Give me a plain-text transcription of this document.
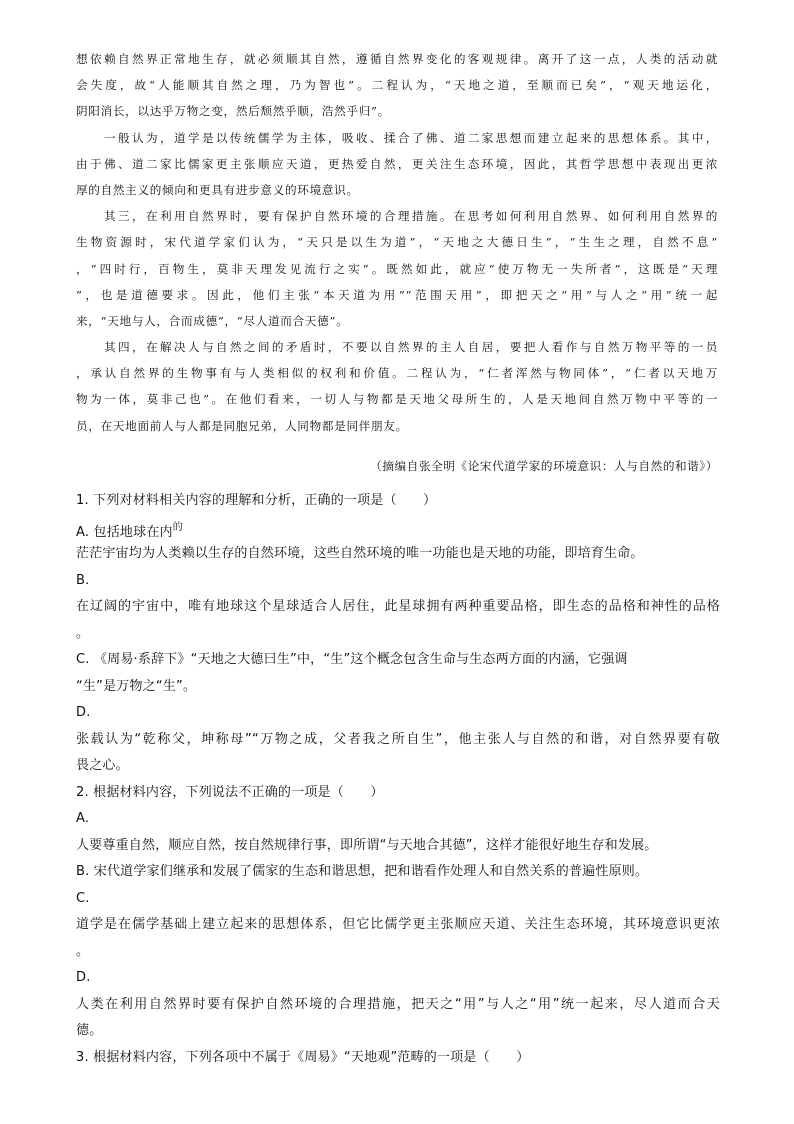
想依赖自然界正常地生存，就必须顺其自然，遵循自然界变化的客观规律。离开了这一点，人类的活动就
会失度，故“人能顺其自然之理，乃为智也”。二程认为，“天地之道，至顺而已矣”，“观天地运化，
阴阳消长，以达乎万物之变，然后颓然乎顺，浩然乎归”。
　　一般认为，道学是以传统儒学为主体，吸收、揉合了佛、道二家思想而建立起来的思想体系。其中，
由于佛、道二家比儒家更主张顺应天道，更热爱自然，更关注生态环境，因此，其哲学思想中表现出更浓
厚的自然主义的倾向和更具有进步意义的环境意识。
　　其三，在利用自然界时，要有保护自然环境的合理措施。在思考如何利用自然界、如何利用自然界的
生物资源时，宋代道学家们认为，“天只是以生为道”，“天地之大德日生”，“生生之理，自然不息”
，“四时行，百物生，莫非天理发见流行之实”。既然如此，就应“使万物无一失所者”，这既是“天理
”，也是道德要求。因此，他们主张“本天道为用”“范围天用”，即把天之“用”与人之“用”统一起
来，“天地与人，合而成德”，“尽人道而合天德”。
　　其四，在解决人与自然之间的矛盾时，不要以自然界的主人自居，要把人看作与自然万物平等的一员
，承认自然界的生物事有与人类相似的权利和价值。二程认为，“仁者浑然与物同体”，“仁者以天地万
物为一体，莫非己也”。在他们看来，一切人与物都是天地父母所生的，人是天地间自然万物中平等的一
员，在天地面前人与人都是同胞兄弟，人同物都是同伴朋友。
（摘编自张全明《论宋代道学家的环境意识：人与自然的和谐》）
1. 下列对材料相关内容的理解和分析，正确的一项是（　　）
A. 包括地球在内$^的$
茫茫宇宙均为人类赖以生存的自然环境，这些自然环境的唯一功能也是天地的功能，即培育生命。
B.
在辽阔的宇宙中，唯有地球这个星球适合人居住，此星球拥有两种重要品格，即生态的品格和神性的品格
。
C. 《周易·系辞下》“天地之大德曰生”中，“生”这个概念包含生命与生态两方面的内涵，它强调
“生”是万物之“生”。
D.
张载认为“乾称父，坤称母”“万物之成，父者我之所自生”，他主张人与自然的和谐，对自然界要有敬
畏之心。
2. 根据材料内容，下列说法不正确的一项是（　　）
A.
人要尊重自然，顺应自然，按自然规律行事，即所谓“与天地合其德”，这样才能很好地生存和发展。
B. 宋代道学家们继承和发展了儒家的生态和谐思想，把和谐看作处理人和自然关系的普遍性原则。
C.
道学是在儒学基础上建立起来的思想体系，但它比儒学更主张顺应天道、关注生态环境，其环境意识更浓
。
D.
人类在利用自然界时要有保护自然环境的合理措施，把天之“用”与人之“用”统一起来，尽人道而合天
德。
3. 根据材料内容，下列各项中不属于《周易》“天地观”范畴的一项是（　　）
